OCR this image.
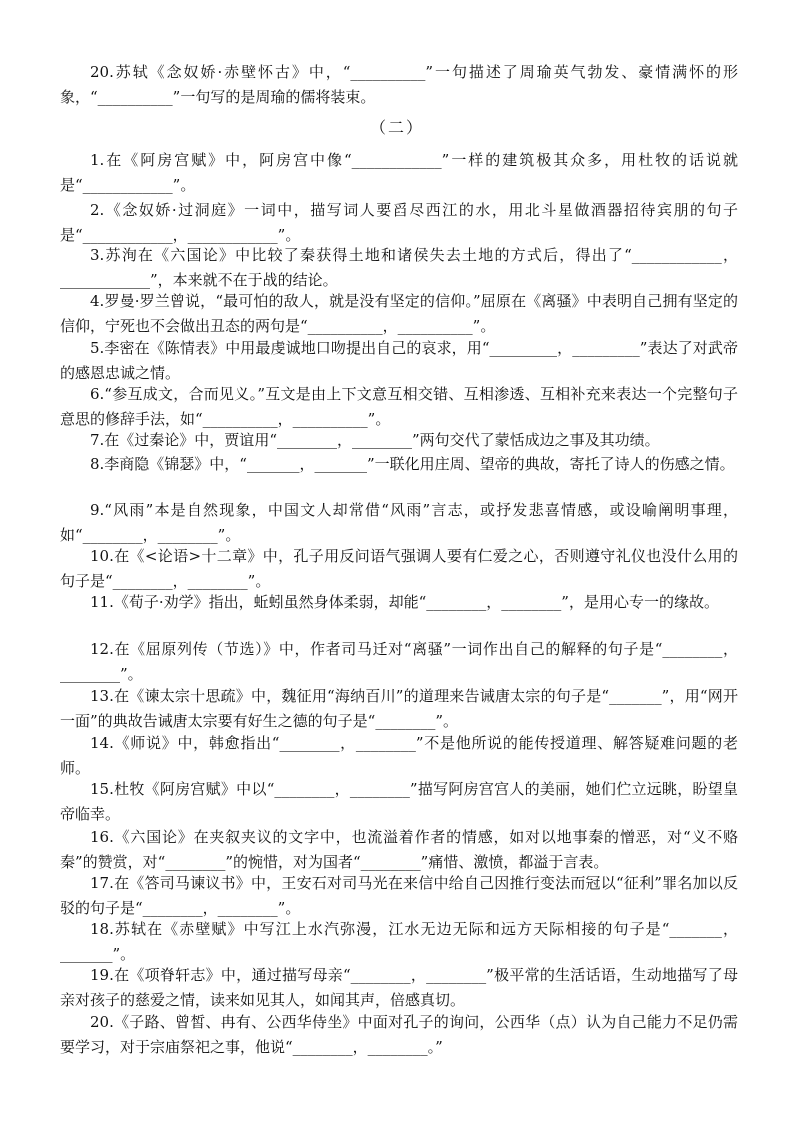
20.苏轼《念奴娇·赤壁怀古》中，“__________”一句描述了周瑜英气勃发、豪情满怀的形象，“__________”一句写的是周瑜的儒将装束。

（二）

1.在《阿房宫赋》中，阿房宫中像“____________”一样的建筑极其众多，用杜牧的话说就是“____________”。

2.《念奴娇·过洞庭》一词中，描写词人要舀尽西江的水，用北斗星做酒器招待宾朋的句子是“____________，____________”。

3.苏洵在《六国论》中比较了秦获得土地和诸侯失去土地的方式后，得出了“____________，____________”，本来就不在于战的结论。

4.罗曼·罗兰曾说，“最可怕的敌人，就是没有坚定的信仰。”屈原在《离骚》中表明自己拥有坚定的信仰，宁死也不会做出丑态的两句是“__________，__________”。

5.李密在《陈情表》中用最虔诚地口吻提出自己的哀求，用“_________，_________”表达了对武帝的感恩忠诚之情。

6.“参互成文，合而见义。”互文是由上下文意互相交错、互相渗透、互相补充来表达一个完整句子意思的修辞手法，如“__________，__________”。

7.在《过秦论》中，贾谊用“________，________”两句交代了蒙恬成边之事及其功绩。

8.李商隐《锦瑟》中，“_______，_______”一联化用庄周、望帝的典故，寄托了诗人的伤感之情。

9.“风雨”本是自然现象，中国文人却常借“风雨”言志，或抒发悲喜情感，或设喻阐明事理，如“________，________”。

10.在《<论语>十二章》中，孔子用反问语气强调人要有仁爱之心，否则遵守礼仪也没什么用的句子是“________，________”。

11.《荀子·劝学》指出，蚯蚓虽然身体柔弱，却能“________，________”，是用心专一的缘故。

12.在《屈原列传（节选）》中，作者司马迁对“离骚”一词作出自己的解释的句子是“________，________”。

13.在《谏太宗十思疏》中，魏征用“海纳百川”的道理来告诫唐太宗的句子是“_______”，用“网开一面”的典故告诫唐太宗要有好生之德的句子是“________”。

14.《师说》中，韩愈指出“________，________”不是他所说的能传授道理、解答疑难问题的老师。

15.杜牧《阿房宫赋》中以“________，________”描写阿房宫宫人的美丽，她们伫立远眺，盼望皇帝临幸。

16.《六国论》在夹叙夹议的文字中，也流溢着作者的情感，如对以地事秦的憎恶，对“义不赂秦”的赞赏，对“________”的惋惜，对为国者“________”痛惜、激愤，都溢于言表。

17.在《答司马谏议书》中，王安石对司马光在来信中给自己因推行变法而冠以“征利”罪名加以反驳的句子是“________，________”。

18.苏轼在《赤壁赋》中写江上水汽弥漫，江水无边无际和远方天际相接的句子是“_______，_______”。

19.在《项脊轩志》中，通过描写母亲“________，________”极平常的生活话语，生动地描写了母亲对孩子的慈爱之情，读来如见其人，如闻其声，倍感真切。

20.《子路、曾皙、冉有、公西华侍坐》中面对孔子的询问，公西华（点）认为自己能力不足仍需要学习，对于宗庙祭祀之事，他说“________，________。”
